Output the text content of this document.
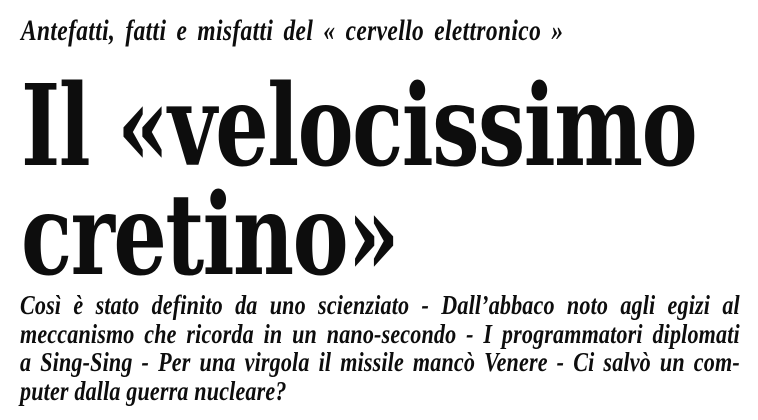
Antefatti, fatti e misfatti del « cervello elettronico »
Il «velocissimo
cretino»
Così è stato definito da uno scienziato - Dall’abbaco noto agli egizi al
meccanismo che ricorda in un nano-secondo - I programmatori diplomati
a Sing-Sing - Per una virgola il missile mancò Venere - Ci salvò un com-
puter dalla guerra nucleare?
